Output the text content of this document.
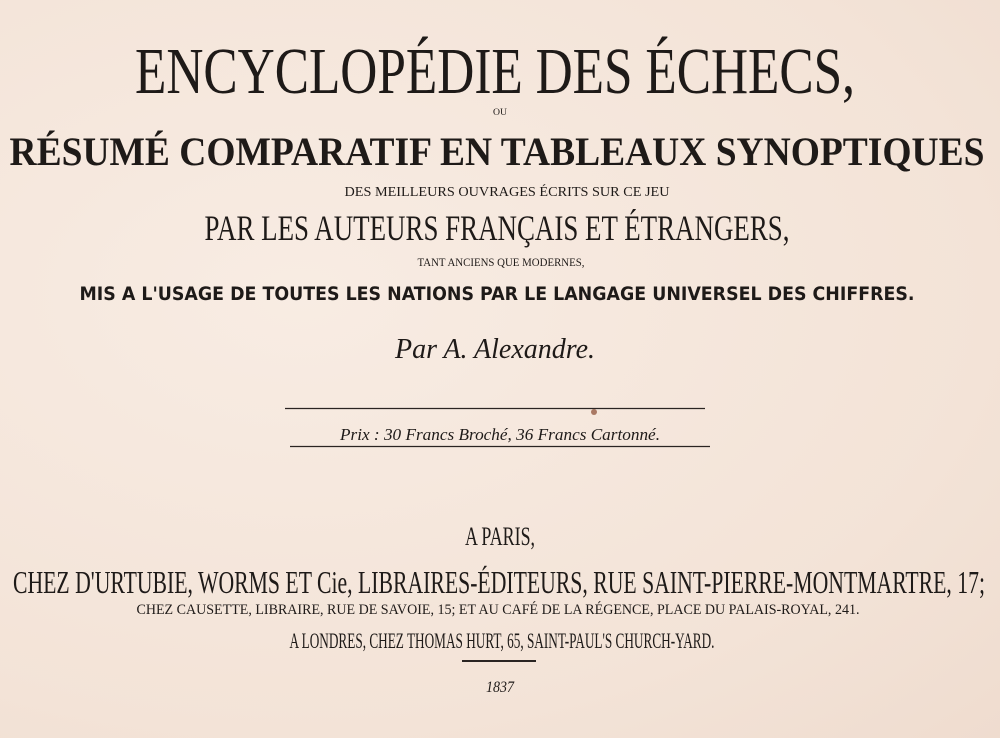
ENCYCLOPÉDIE DES ÉCHECS,
OU
RÉSUMÉ COMPARATIF EN TABLEAUX SYNOPTIQUES
DES MEILLEURS OUVRAGES ÉCRITS SUR CE JEU
PAR LES AUTEURS FRANÇAIS ET ÉTRANGERS,
TANT ANCIENS QUE MODERNES,
MIS A L'USAGE DE TOUTES LES NATIONS PAR LE LANGAGE UNIVERSEL DES CHIFFRES.
Par A. Alexandre.
Prix : 30 Francs Broché, 36 Francs Cartonné.
A PARIS,
CHEZ D'URTUBIE, WORMS ET Cie, LIBRAIRES-ÉDITEURS, RUE SAINT-PIERRE-MONTMARTRE, 17;
CHEZ CAUSETTE, LIBRAIRE, RUE DE SAVOIE, 15; ET AU CAFÉ DE LA RÉGENCE, PLACE DU PALAIS-ROYAL, 241.
A LONDRES, CHEZ THOMAS HURT, 65, SAINT-PAUL'S CHURCH-YARD.
1837
